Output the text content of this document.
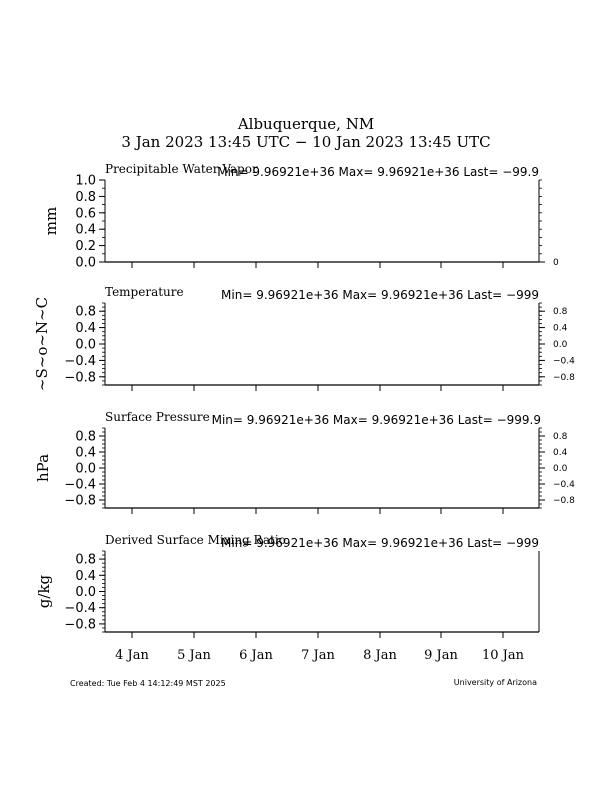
Albuquerque, NM
3 Jan 2023 13:45 UTC − 10 Jan 2023 13:45 UTC
1.0
0.8
0.6
0.4
0.2
0.0	0
Precipitable Water Vapor
Min= 9.96921e+36 Max= 9.96921e+36 Last= −99.9
mm
0.8
0.4
0.0
−0.4
−0.8
0.8
0.4
0.0
−0.4
−0.8
Temperature	Min= 9.96921e+36 Max= 9.96921e+36 Last= −999
~S~o~N~C
0.8
0.4
0.0
−0.4
−0.8
0.8
0.4
0.0
−0.4
−0.8
Surface Pressure Min= 9.96921e+36 Max= 9.96921e+36 Last= −999.9
hPa
0.8
0.4
0.0
−0.4
−0.8
Derived Surface Mixing Ratio
Min= 9.96921e+36 Max= 9.96921e+36 Last= −999
g/kg
4 Jan 5 Jan 6 Jan 7 Jan 8 Jan 9 Jan 10 Jan
Created: Tue Feb 4 14:12:49 MST 2025	University of Arizona
